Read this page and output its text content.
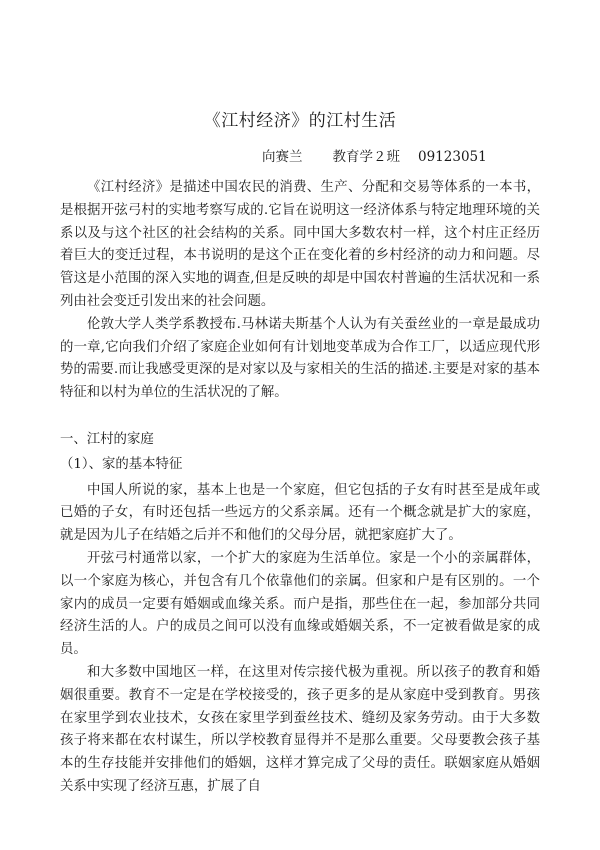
《江村经济》的江村生活
向赛兰 教育学２班 09123051

《江村经济》是描述中国农民的消费、生产、分配和交易等体系的一本书，是根据开弦弓村的实地考察写成的.它旨在说明这一经济体系与特定地理环境的关系以及与这个社区的社会结构的关系。同中国大多数农村一样，这个村庄正经历着巨大的变迁过程，本书说明的是这个正在变化着的乡村经济的动力和问题。尽管这是小范围的深入实地的调查,但是反映的却是中国农村普遍的生活状况和一系列由社会变迁引发出来的社会问题。

伦敦大学人类学系教授布.马林诺夫斯基个人认为有关蚕丝业的一章是最成功的一章,它向我们介绍了家庭企业如何有计划地变革成为合作工厂，以适应现代形势的需要.而让我感受更深的是对家以及与家相关的生活的描述.主要是对家的基本特征和以村为单位的生活状况的了解。

一、江村的家庭

（1）、家的基本特征

中国人所说的家，基本上也是一个家庭，但它包括的子女有时甚至是成年或已婚的子女，有时还包括一些远方的父系亲属。还有一个概念就是扩大的家庭，就是因为儿子在结婚之后并不和他们的父母分居，就把家庭扩大了。

开弦弓村通常以家，一个扩大的家庭为生活单位。家是一个小的亲属群体，以一个家庭为核心，并包含有几个依靠他们的亲属。但家和户是有区别的。一个家内的成员一定要有婚姻或血缘关系。而户是指，那些住在一起，参加部分共同经济生活的人。户的成员之间可以没有血缘或婚姻关系，不一定被看做是家的成员。

和大多数中国地区一样，在这里对传宗接代极为重视。所以孩子的教育和婚姻很重要。教育不一定是在学校接受的，孩子更多的是从家庭中受到教育。男孩在家里学到农业技术，女孩在家里学到蚕丝技术、缝纫及家务劳动。由于大多数孩子将来都在农村谋生，所以学校教育显得并不是那么重要。父母要教会孩子基本的生存技能并安排他们的婚姻，这样才算完成了父母的责任。联姻家庭从婚姻关系中实现了经济互惠，扩展了自
